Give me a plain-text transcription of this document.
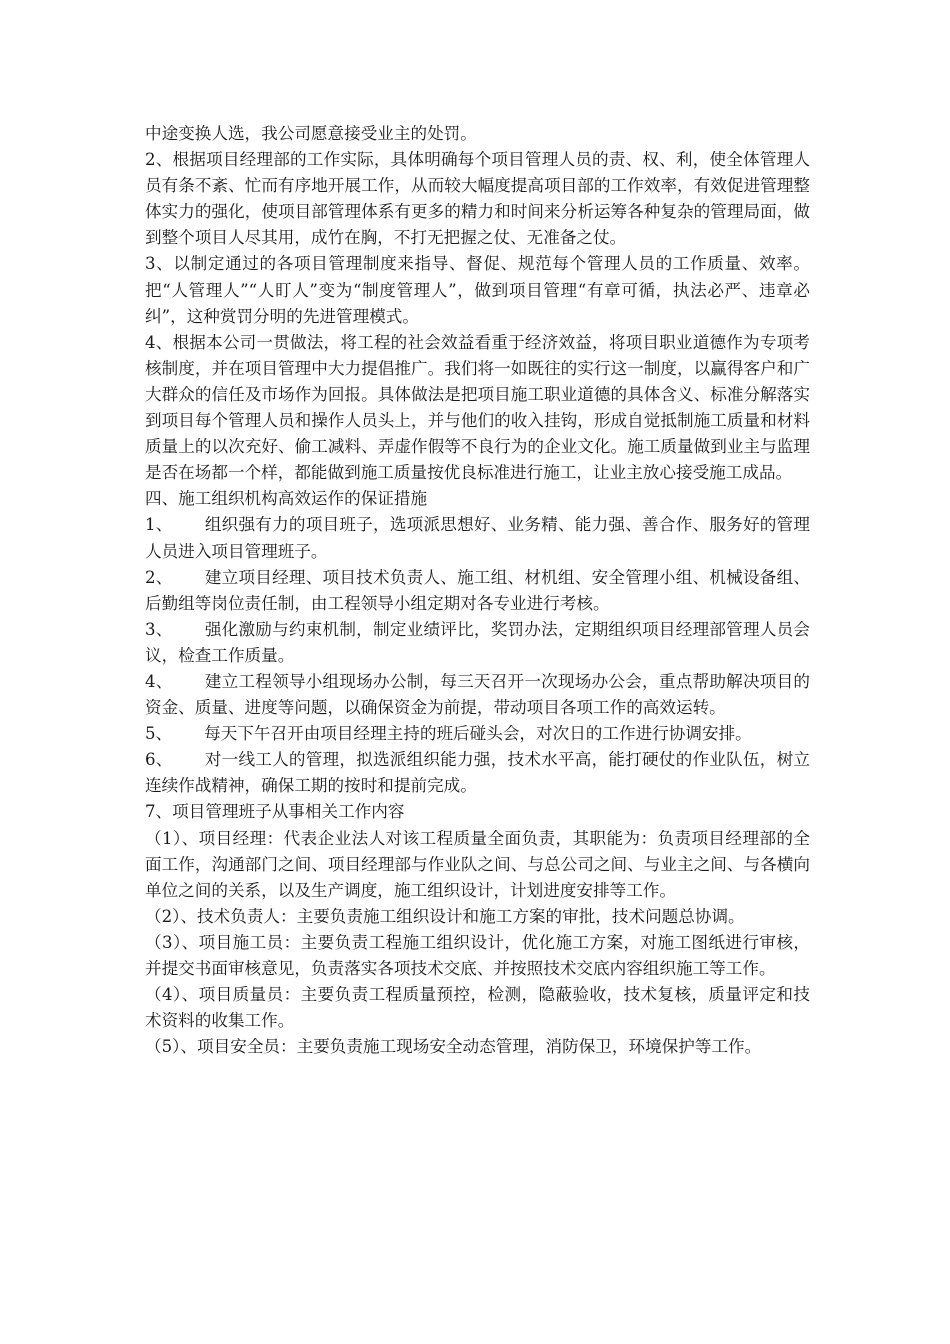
中途变换人选，我公司愿意接受业主的处罚。

2、根据项目经理部的工作实际，具体明确每个项目管理人员的责、权、利，使全体管理人员有条不紊、忙而有序地开展工作，从而较大幅度提高项目部的工作效率，有效促进管理整体实力的强化，使项目部管理体系有更多的精力和时间来分析运筹各种复杂的管理局面，做到整个项目人尽其用，成竹在胸，不打无把握之仗、无准备之仗。

3、以制定通过的各项目管理制度来指导、督促、规范每个管理人员的工作质量、效率。把“人管理人”“人盯人”变为“制度管理人”，做到项目管理“有章可循，执法必严、违章必纠”，这种赏罚分明的先进管理模式。

4、根据本公司一贯做法，将工程的社会效益看重于经济效益，将项目职业道德作为专项考核制度，并在项目管理中大力提倡推广。我们将一如既往的实行这一制度，以赢得客户和广大群众的信任及市场作为回报。具体做法是把项目施工职业道德的具体含义、标准分解落实到项目每个管理人员和操作人员头上，并与他们的收入挂钩，形成自觉抵制施工质量和材料质量上的以次充好、偷工减料、弄虚作假等不良行为的企业文化。施工质量做到业主与监理是否在场都一个样，都能做到施工质量按优良标准进行施工，让业主放心接受施工成品。

四、施工组织机构高效运作的保证措施

1、 组织强有力的项目班子，选项派思想好、业务精、能力强、善合作、服务好的管理人员进入项目管理班子。

2、 建立项目经理、项目技术负责人、施工组、材机组、安全管理小组、机械设备组、后勤组等岗位责任制，由工程领导小组定期对各专业进行考核。

3、 强化激励与约束机制，制定业绩评比，奖罚办法，定期组织项目经理部管理人员会议，检查工作质量。

4、 建立工程领导小组现场办公制，每三天召开一次现场办公会，重点帮助解决项目的资金、质量、进度等问题，以确保资金为前提，带动项目各项工作的高效运转。

5、 每天下午召开由项目经理主持的班后碰头会，对次日的工作进行协调安排。

6、 对一线工人的管理，拟选派组织能力强，技术水平高，能打硬仗的作业队伍，树立连续作战精神，确保工期的按时和提前完成。

7、项目管理班子从事相关工作内容

（1）、项目经理：代表企业法人对该工程质量全面负责，其职能为：负责项目经理部的全面工作，沟通部门之间、项目经理部与作业队之间、与总公司之间、与业主之间、与各横向单位之间的关系，以及生产调度，施工组织设计，计划进度安排等工作。

（2）、技术负责人：主要负责施工组织设计和施工方案的审批，技术问题总协调。

（3）、项目施工员：主要负责工程施工组织设计，优化施工方案，对施工图纸进行审核，并提交书面审核意见，负责落实各项技术交底、并按照技术交底内容组织施工等工作。

（4）、项目质量员：主要负责工程质量预控，检测，隐蔽验收，技术复核，质量评定和技术资料的收集工作。

（5）、项目安全员：主要负责施工现场安全动态管理，消防保卫，环境保护等工作。
